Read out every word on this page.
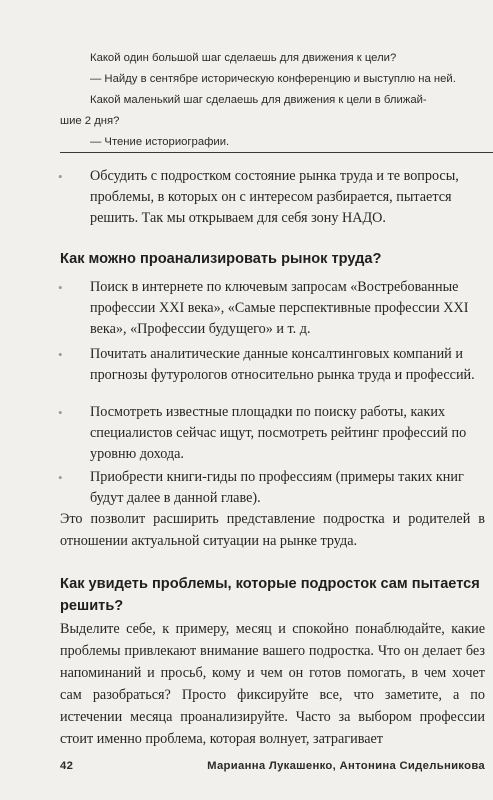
Какой один большой шаг сделаешь для движения к цели?

— Найду в сентябре историческую конференцию и выступлю на ней.

Какой маленький шаг сделаешь для движения к цели в ближай-

шие 2 дня?

— Чтение историографии.

• Обсудить с подростком состояние рынка труда и те вопросы, проблемы, в которых он с интересом разбирается, пытается решить. Так мы открываем для себя зону НАДО.
Как можно проанализировать рынок труда?
• Поиск в интернете по ключевым запросам «Востребованные профессии XXI века», «Самые перспективные профессии XXI века», «Профессии будущего» и т. д.
• Почитать аналитические данные консалтинговых компаний и прогнозы футурологов относительно рынка труда и профессий.
• Посмотреть известные площадки по поиску работы, каких специалистов сейчас ищут, посмотреть рейтинг профессий по уровню дохода.
• Приобрести книги-гиды по профессиям (примеры таких книг будут далее в данной главе).
Это позволит расширить представление подростка и родителей в отношении актуальной ситуации на рынке труда.
Как увидеть проблемы, которые подросток сам пытается решить?
Выделите себе, к примеру, месяц и спокойно понаблюдайте, какие проблемы привлекают внимание вашего подростка. Что он делает без напоминаний и просьб, кому и чем он готов помогать, в чем хочет сам разобраться? Просто фиксируйте все, что заметите, а по истечении месяца проанализируйте. Часто за выбором профессии стоит именно проблема, которая волнует, затрагивает
42	Марианна Лукашенко, Антонина Сидельникова
